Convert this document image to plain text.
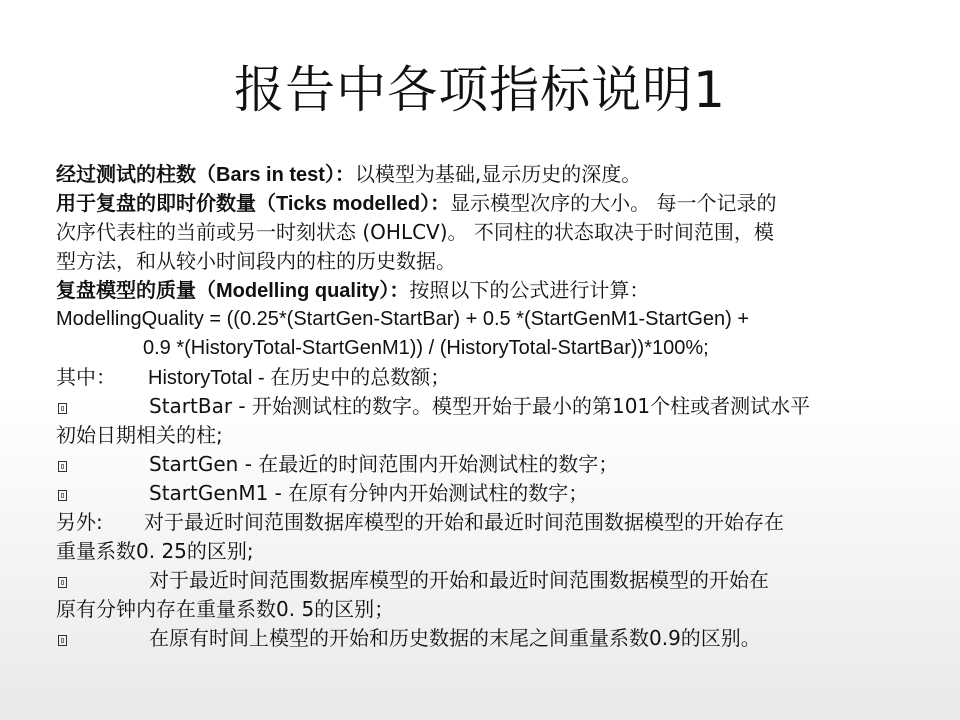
报告中各项指标说明1
经过测试的柱数（Bars in test）：以模型为基础,显示历史的深度。
用于复盘的即时价数量（Ticks modelled）：显示模型次序的大小。 每一个记录的
次序代表柱的当前或另一时刻状态 (OHLCV)。 不同柱的状态取决于时间范围，模
型方法，和从较小时间段内的柱的历史数据。
复盘模型的质量（Modelling quality）：按照以下的公式进行计算：
ModellingQuality = ((0.25*(StartGen-StartBar) + 0.5 *(StartGenM1-StartGen) +
0.9 *(HistoryTotal-StartGenM1)) / (HistoryTotal-StartBar))*100%;
其中： HistoryTotal - 在历史中的总数额；
StartBar - 开始测试柱的数字。模型开始于最小的第101个柱或者测试水平
初始日期相关的柱;
StartGen - 在最近的时间范围内开始测试柱的数字；
StartGenM1 - 在原有分钟内开始测试柱的数字；
另外: 对于最近时间范围数据库模型的开始和最近时间范围数据模型的开始存在
重量系数0. 25的区别;
对于最近时间范围数据库模型的开始和最近时间范围数据模型的开始在
原有分钟内存在重量系数0. 5的区别；
在原有时间上模型的开始和历史数据的末尾之间重量系数0.9的区别。
